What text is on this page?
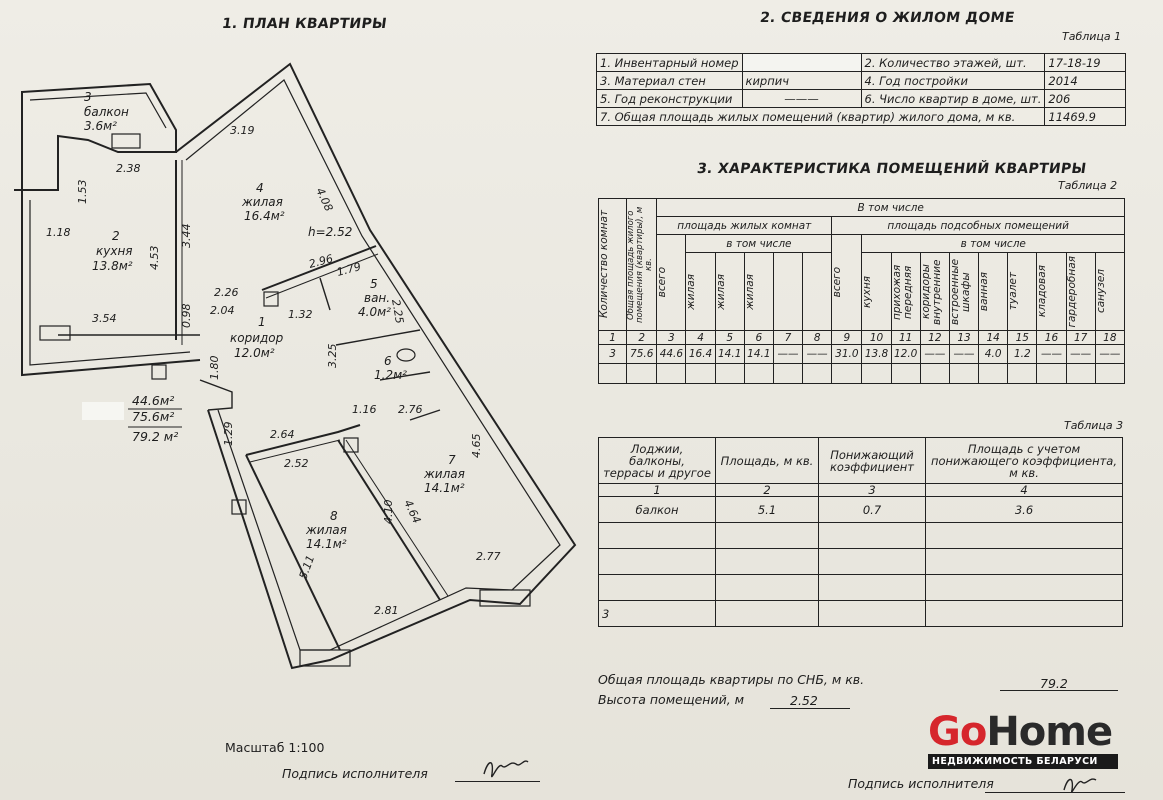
1. ПЛАН КВАРТИРЫ	2. СВЕДЕНИЯ О ЖИЛОМ ДОМЕ
Таблица 1
1. Инвентарный номер		2. Количество этажей, шт.	17-18-19
3. Материал стен	кирпич	4. Год постройки	2014
5. Год реконструкции	———	6. Число квартир в доме, шт.	206
7. Общая площадь жилых помещений (квартир) жилого дома, м кв.			11469.9
3. ХАРАКТЕРИСТИКА ПОМЕЩЕНИЙ КВАРТИРЫ
Таблица 2
Количество комнат	Общая площадь жилого помещения (квартиры), м кв.	В том числе															
		площадь жилых комнат						площадь подсобных помещений									

		всего	в том числе					всего	в том числе								

			жилая	жилая	жилая				кухня	прихожая передняя	коридоры внутренние	встроенные шкафы	ванная	туалет	кладовая	гардеробная	санузел

1	2	3	4	5	6	7	8	9	10	11	12	13	14	15	16	17	18
3	75.6	44.6	16.4	14.1	14.1	——	——	31.0	13.8	12.0	——	——	4.0	1.2	——	——	——

Таблица 3
Лоджии, балконы, террасы и другое	Площадь, м кв.	Понижающий коэффициент	Площадь с учетом понижающего коэффициента, м кв.
1	2	3	4
балкон	5.1	0.7	3.6

3			
Общая площадь квартиры по СНБ, м кв.	79.2
Высота помещений, м	2.52
3
балкон
3.6м²
2
кухня
13.8м²
4
жилая
16.4м²
h=2.52
1
коридор
12.0м²
5
ван.
4.0м²
6
1.2м²
7
жилая
14.1м²
8
жилая
14.1м²
44.6м²
75.6м²
79.2 м²
2.38
1.53
1.18
3.54
4.53
3.44
3.19
4.08
2.96 1.79
2.25
2.26
2.04
0.98	1.32
3.25
1.80
1.16 2.76
2.64
2.52
1.29
4.10 4.64
4.65
2.77
2.81
5.11
Масштаб 1:100
Подпись исполнителя
Подпись исполнителя
GoHome
НЕДВИЖИМОСТЬ БЕЛАРУСИ
